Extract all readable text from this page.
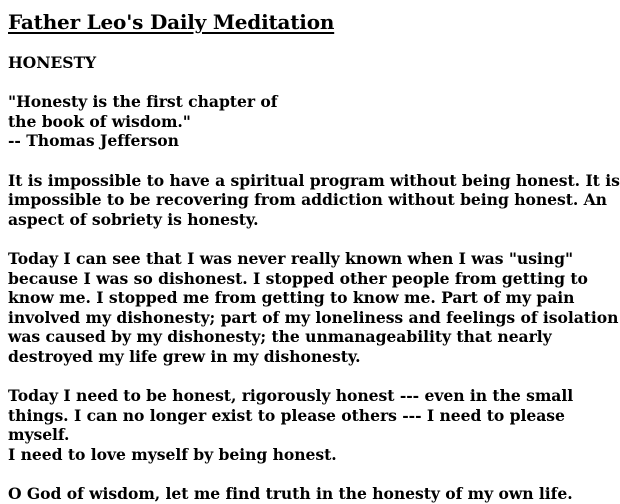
Father Leo's Daily Meditation

HONESTY

"Honesty is the first chapter of

the book of wisdom."

-- Thomas Jefferson

It is impossible to have a spiritual program without being honest. It is
impossible to be recovering from addiction without being honest. An
aspect of sobriety is honesty.

Today I can see that I was never really known when I was "using"
because I was so dishonest. I stopped other people from getting to
know me. I stopped me from getting to know me. Part of my pain
involved my dishonesty; part of my loneliness and feelings of isolation
was caused by my dishonesty; the unmanageability that nearly
destroyed my life grew in my dishonesty.

Today I need to be honest, rigorously honest --- even in the small
things. I can no longer exist to please others --- I need to please myself.
I need to love myself by being honest.

O God of wisdom, let me find truth in the honesty of my own life.
